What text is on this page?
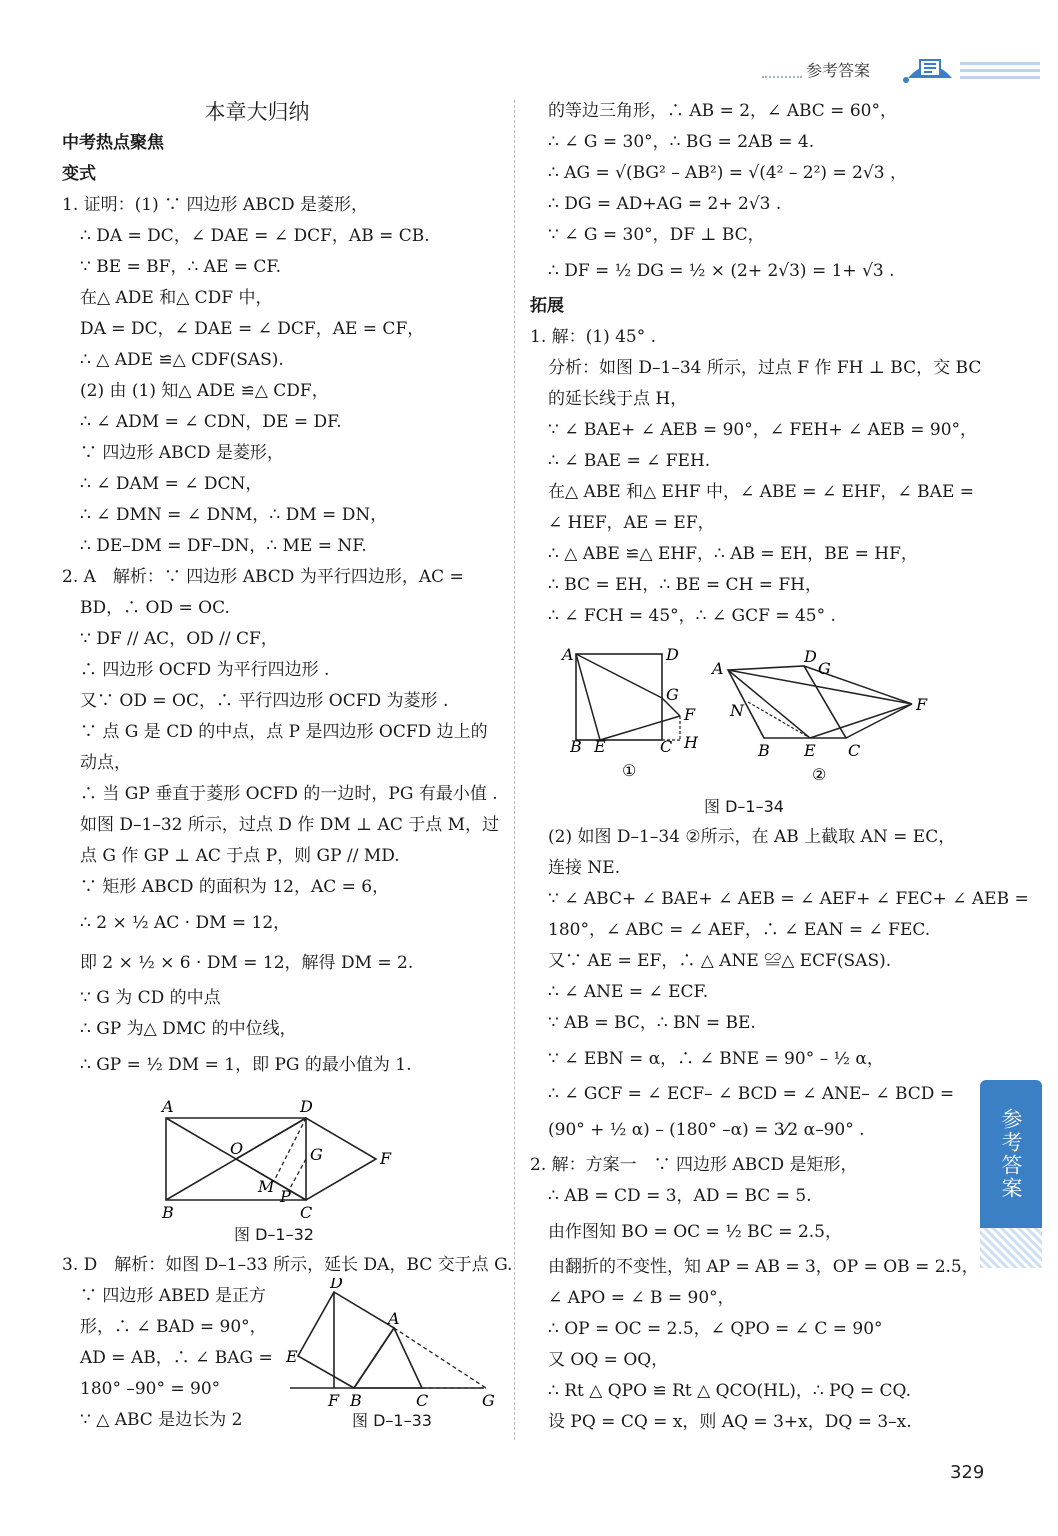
参考答案
本章大归纳
中考热点聚焦
变式
1. 证明：(1) ∵ 四边形 ABCD 是菱形，
∴ DA = DC，∠ DAE = ∠ DCF，AB = CB.
∵ BE = BF，∴ AE = CF.
在△ ADE 和△ CDF 中，
DA = DC，∠ DAE = ∠ DCF，AE = CF，
∴ △ ADE ≌△ CDF(SAS).
(2) 由 (1) 知△ ADE ≌△ CDF，
∴ ∠ ADM = ∠ CDN，DE = DF.
∵ 四边形 ABCD 是菱形，
∴ ∠ DAM = ∠ DCN，
∴ ∠ DMN = ∠ DNM，∴ DM = DN，
∴ DE–DM = DF–DN，∴ ME = NF.
2. A　解析：∵ 四边形 ABCD 为平行四边形，AC =
BD，∴ OD = OC.
∵ DF // AC，OD // CF，
∴ 四边形 OCFD 为平行四边形 .
又∵ OD = OC，∴ 平行四边形 OCFD 为菱形 .
∵ 点 G 是 CD 的中点，点 P 是四边形 OCFD 边上的
动点，
∴ 当 GP 垂直于菱形 OCFD 的一边时，PG 有最小值 .
如图 D–1–32 所示，过点 D 作 DM ⊥ AC 于点 M，过
点 G 作 GP ⊥ AC 于点 P，则 GP // MD.
∵ 矩形 ABCD 的面积为 12，AC = 6，
∴ 2 × ½ AC · DM = 12，
即 2 × ½ × 6 · DM = 12，解得 DM = 2.
∵ G 为 CD 的中点
∴ GP 为△ DMC 的中位线，
∴ GP = ½ DM = 1，即 PG 的最小值为 1.
A	D
O	G	F
M
P
B	C
图 D–1–32
3. D　解析：如图 D–1–33 所示，延长 DA，BC 交于点 G.
∵ 四边形 ABED 是正方
形，∴ ∠ BAD = 90°，
AD = AB，∴ ∠ BAG =
180° –90° = 90°
∵ △ ABC 是边长为 2
D
A
E
F B	C	G
图 D–1–33
的等边三角形，∴ AB = 2，∠ ABC = 60°，
∴ ∠ G = 30°，∴ BG = 2AB = 4.
∴ AG = √(BG² – AB²) = √(4² – 2²) = 2√3 ，
∴ DG = AD+AG = 2+ 2√3 .
∵ ∠ G = 30°，DF ⊥ BC，
∴ DF = ½ DG = ½ × (2+ 2√3) = 1+ √3 .
拓展
1. 解：(1) 45° .
分析：如图 D–1–34 所示，过点 F 作 FH ⊥ BC，交 BC
的延长线于点 H，
∵ ∠ BAE+ ∠ AEB = 90°，∠ FEH+ ∠ AEB = 90°，
∴ ∠ BAE = ∠ FEH.
在△ ABE 和△ EHF 中，∠ ABE = ∠ EHF，∠ BAE =
∠ HEF，AE = EF，
∴ △ ABE ≌△ EHF，∴ AB = EH，BE = HF，
∴ BC = EH，∴ BE = CH = FH，
∴ ∠ FCH = 45°，∴ ∠ GCF = 45° .
A	D
G
F
B E	C H
①
A
D
G
N	F
B E C
②
图 D–1–34
(2) 如图 D–1–34 ②所示，在 AB 上截取 AN = EC，
连接 NE.
∵ ∠ ABC+ ∠ BAE+ ∠ AEB = ∠ AEF+ ∠ FEC+ ∠ AEB =
180°，∠ ABC = ∠ AEF，∴ ∠ EAN = ∠ FEC.
又∵ AE = EF，∴ △ ANE ≌△ ECF(SAS).
∴ ∠ ANE = ∠ ECF.
∵ AB = BC，∴ BN = BE.
∵ ∠ EBN = α，∴ ∠ BNE = 90° – ½ α，
∴ ∠ GCF = ∠ ECF– ∠ BCD = ∠ ANE– ∠ BCD =
(90° + ½ α) – (180° –α) = 3⁄2 α–90° .
2. 解：方案一　∵ 四边形 ABCD 是矩形，
∴ AB = CD = 3，AD = BC = 5.
由作图知 BO = OC = ½ BC = 2.5，
由翻折的不变性，知 AP = AB = 3，OP = OB = 2.5，
∠ APO = ∠ B = 90°，
∴ OP = OC = 2.5，∠ QPO = ∠ C = 90°
又 OQ = OQ，
∴ Rt △ QPO ≌ Rt △ QCO(HL)，∴ PQ = CQ.
设 PQ = CQ = x，则 AQ = 3+x，DQ = 3–x.
参考答案
329
